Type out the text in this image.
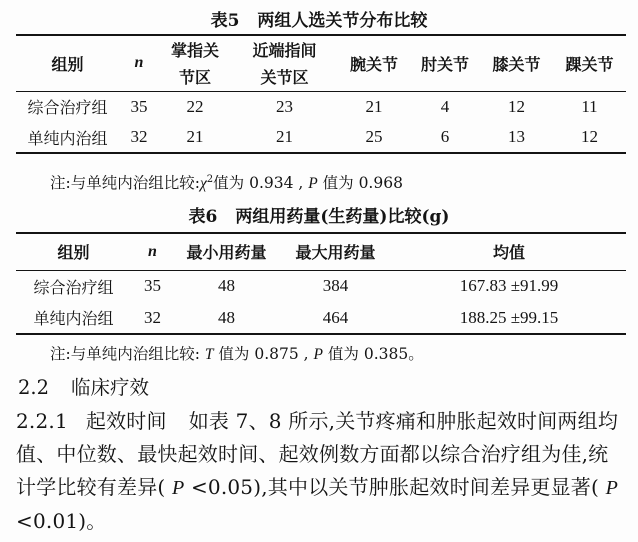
表5 两组人选关节分布比较
组别	n	掌指关	近端指间	腕关节	肘关节	膝关节	踝关节
		节区	关节区				
综合治疗组	35	22	23	21	4	12	11
单纯内治组	32	21	21	25	6	13	12
注:与单纯内治组比较$:\chi^2$值为 0.934 , P 值为 0.968
表6 两组用药量(生药量)比较(g)
组别	n	最小用药量	最大用药量	均值
综合治疗组	35	48	384	167.83 ±91.99
单纯内治组	32	48	464	188.25 ±99.15
注:与单纯内治组比较: T 值为 0.875 , P 值为 0.385。
2.2 临床疗效
2.2.1 起效时间 如表 7、8 所示,关节疼痛和肿胀起效时间两组均值、中位数、最快起效时间、起效例数方面都以综合治疗组为佳,统计学比较有差异( P <0.05),其中以关节肿胀起效时间差异更显著( P <0.01)。
